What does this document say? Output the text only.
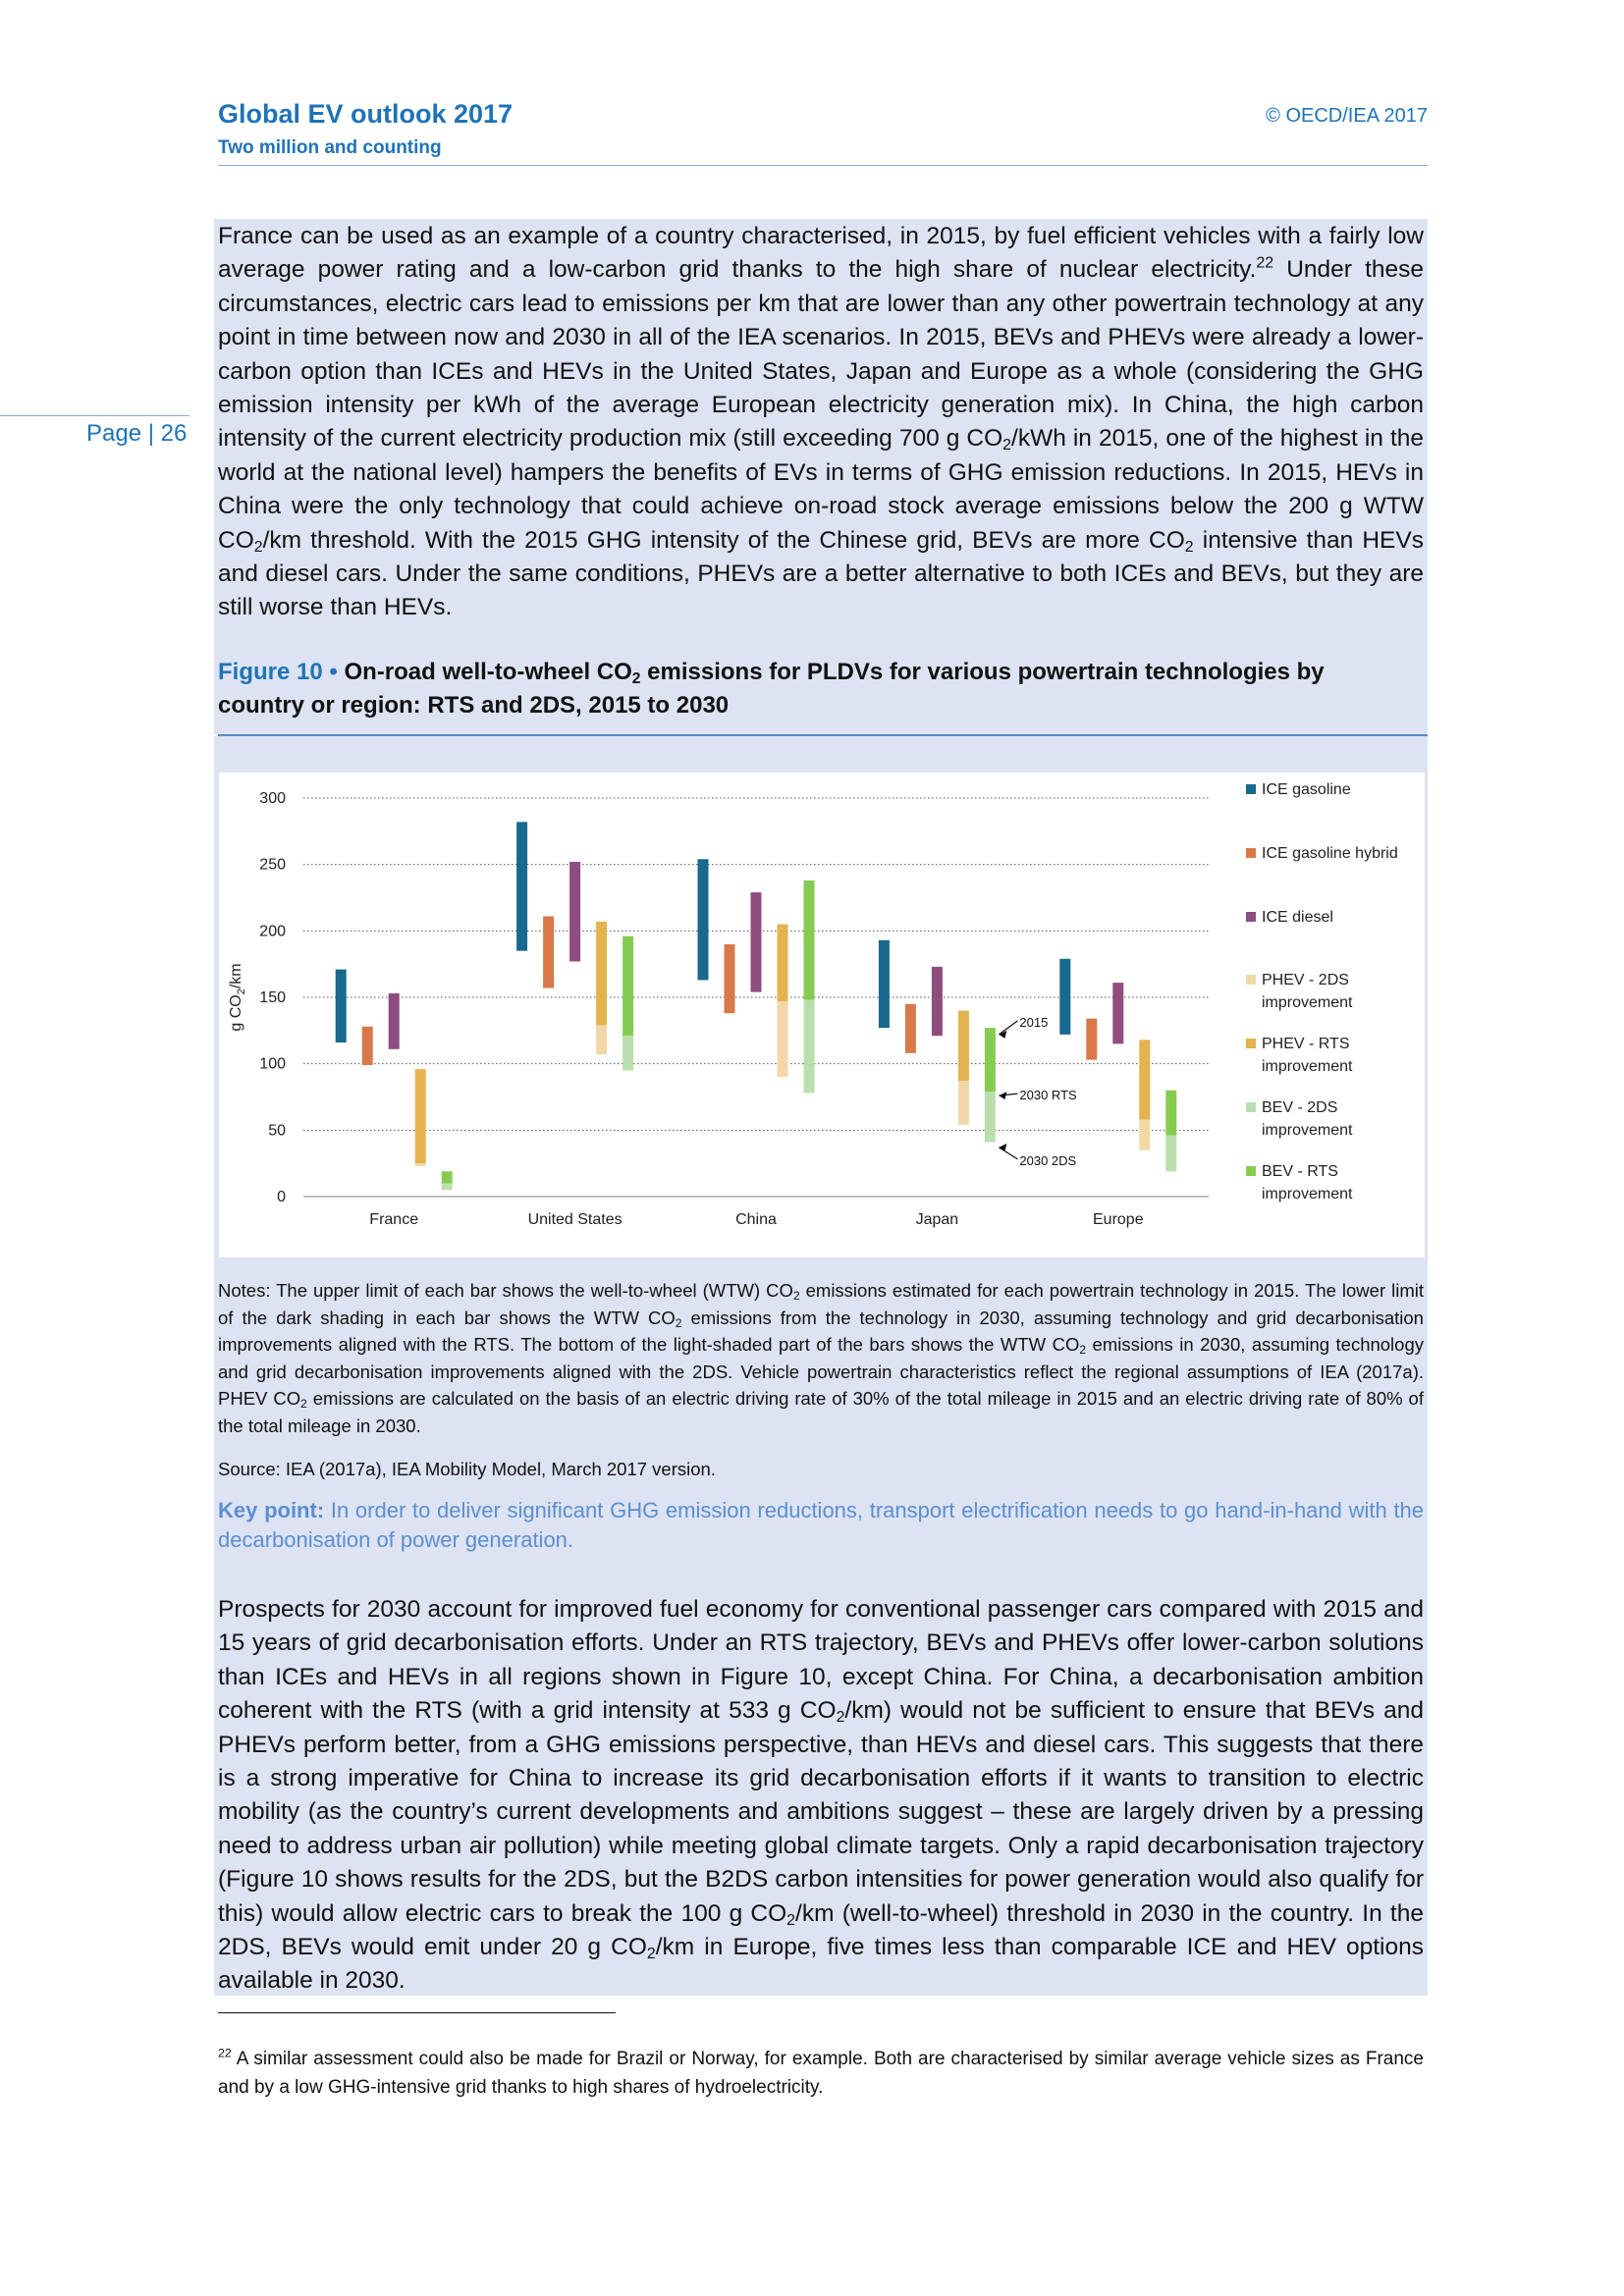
Global EV outlook 2017
Two million and counting
© OECD/IEA 2017
Page | 26
France can be used as an example of a country characterised, in 2015, by fuel efficient vehicles with a fairly low average power rating and a low-carbon grid thanks to the high share of nuclear electricity.$^{22}$ Under these circumstances, electric cars lead to emissions per km that are lower than any other powertrain technology at any point in time between now and 2030 in all of the IEA scenarios. In 2015, BEVs and PHEVs were already a lower-carbon option than ICEs and HEVs in the United States, Japan and Europe as a whole (considering the GHG emission intensity per kWh of the average European electricity generation mix). In China, the high carbon intensity of the current electricity production mix (still exceeding 700 g $CO_2$/kWh in 2015, one of the highest in the world at the national level) hampers the benefits of EVs in terms of GHG emission reductions. In 2015, HEVs in China were the only technology that could achieve on-road stock average emissions below the 200 g WTW $CO_2/km$ threshold. With the 2015 GHG intensity of the Chinese grid, BEVs are more $CO_2$ intensive than HEVs and diesel cars. Under the same conditions, PHEVs are a better alternative to both ICEs and BEVs, but they are still worse than HEVs.
Figure 10 • On-road well-to-wheel $CO_2$ emissions for PLDVs for various powertrain technologies by country or region: RTS and 2DS, 2015 to 2030
0
50
100
150
200
250
300
g $CO_2/km$
France	United States	China	Japan	Europe
2015
2030 RTS
2030 2DS
ICE gasoline
ICE gasoline hybrid
ICE diesel
PHEV - 2DS
improvement
PHEV - RTS
improvement
BEV - 2DS
improvement
BEV - RTS
improvement
Notes: The upper limit of each bar shows the well-to-wheel (WTW) $CO_2$ emissions estimated for each powertrain technology in 2015. The lower limit of the dark shading in each bar shows the WTW $CO_2$ emissions from the technology in 2030, assuming technology and grid decarbonisation improvements aligned with the RTS. The bottom of the light-shaded part of the bars shows the WTW $CO_2$ emissions in 2030, assuming technology and grid decarbonisation improvements aligned with the 2DS. Vehicle powertrain characteristics reflect the regional assumptions of IEA (2017a). PHEV $CO_2$ emissions are calculated on the basis of an electric driving rate of 30% of the total mileage in 2015 and an electric driving rate of 80% of the total mileage in 2030.
Source: IEA (2017a), IEA Mobility Model, March 2017 version.
Key point: In order to deliver significant GHG emission reductions, transport electrification needs to go hand-in-hand with the decarbonisation of power generation.
Prospects for 2030 account for improved fuel economy for conventional passenger cars compared with 2015 and 15 years of grid decarbonisation efforts. Under an RTS trajectory, BEVs and PHEVs offer lower-carbon solutions than ICEs and HEVs in all regions shown in Figure 10, except China. For China, a decarbonisation ambition coherent with the RTS (with a grid intensity at 533 g $CO_2/km$) would not be sufficient to ensure that BEVs and PHEVs perform better, from a GHG emissions perspective, than HEVs and diesel cars. This suggests that there is a strong imperative for China to increase its grid decarbonisation efforts if it wants to transition to electric mobility (as the country’s current developments and ambitions suggest – these are largely driven by a pressing need to address urban air pollution) while meeting global climate targets. Only a rapid decarbonisation trajectory (Figure 10 shows results for the 2DS, but the B2DS carbon intensities for power generation would also qualify for this) would allow electric cars to break the 100 g $CO_2/km$ (well-to-wheel) threshold in 2030 in the country. In the 2DS, BEVs would emit under 20 g $CO_2/km$ in Europe, five times less than comparable ICE and HEV options available in 2030.
$^{22}$ A similar assessment could also be made for Brazil or Norway, for example. Both are characterised by similar average vehicle sizes as France and by a low GHG-intensive grid thanks to high shares of hydroelectricity.
